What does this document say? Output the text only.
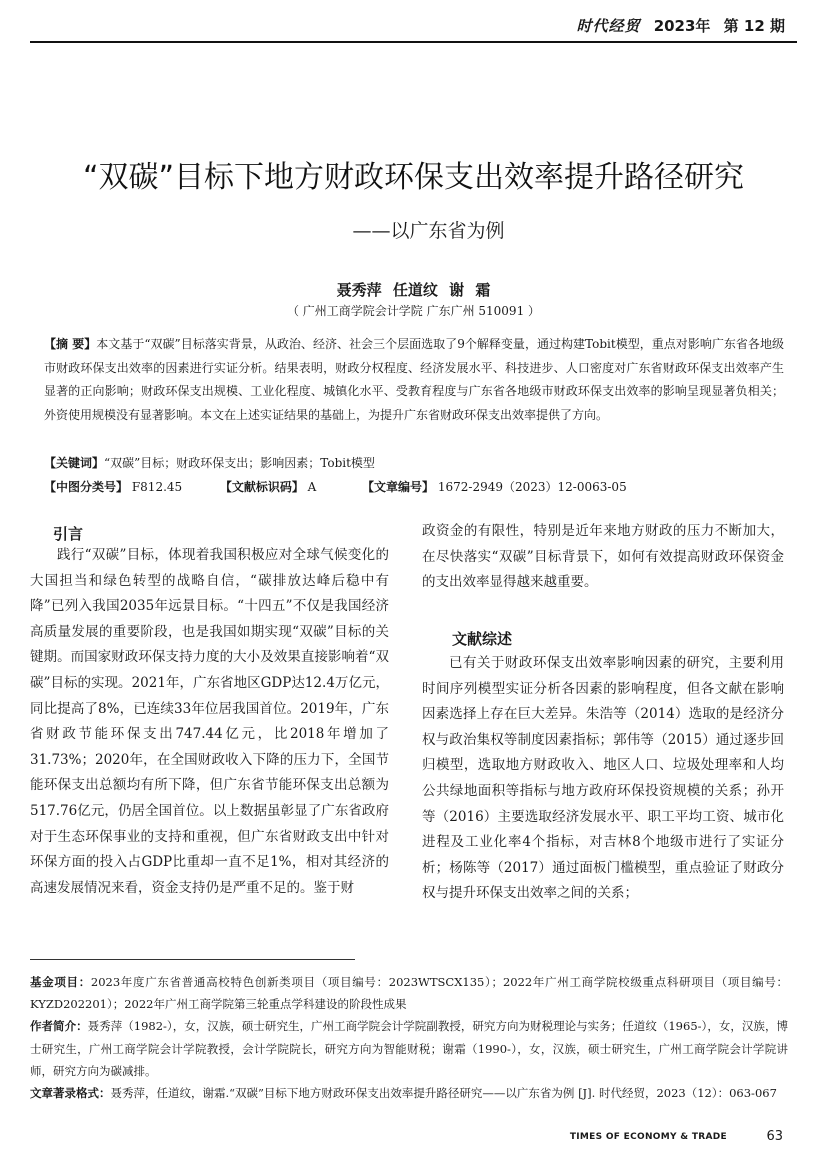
时代经贸 2023年 第 12 期
“双碳”目标下地方财政环保支出效率提升路径研究
——以广东省为例
聂秀萍 任道纹 谢 霜
（ 广州工商学院会计学院 广东广州 510091 ）
【摘 要】本文基于“双碳”目标落实背景，从政治、经济、社会三个层面选取了9个解释变量，通过构建Tobit模型，重点对影响广东省各地级市财政环保支出效率的因素进行实证分析。结果表明，财政分权程度、经济发展水平、科技进步、人口密度对广东省财政环保支出效率产生显著的正向影响；财政环保支出规模、工业化程度、城镇化水平、受教育程度与广东省各地级市财政环保支出效率的影响呈现显著负相关；外资使用规模没有显著影响。本文在上述实证结果的基础上，为提升广东省财政环保支出效率提供了方向。
【关键词】“双碳”目标；财政环保支出；影响因素；Tobit模型
【中图分类号】 F812.45	【文献标识码】 A	【文章编号】 1672-2949（2023）12-0063-05
引言

践行“双碳”目标，体现着我国积极应对全球气候变化的大国担当和绿色转型的战略自信，“碳排放达峰后稳中有降”已列入我国2035年远景目标。“十四五”不仅是我国经济高质量发展的重要阶段，也是我国如期实现“双碳”目标的关键期。而国家财政环保支持力度的大小及效果直接影响着“双碳”目标的实现。2021年，广东省地区GDP达12.4万亿元，同比提高了8%，已连续33年位居我国首位。2019年，广东省财政节能环保支出747.44亿元，比2018年增加了31.73%；2020年，在全国财政收入下降的压力下，全国节能环保支出总额均有所下降，但广东省节能环保支出总额为517.76亿元，仍居全国首位。以上数据虽彰显了广东省政府对于生态环保事业的支持和重视，但广东省财政支出中针对环保方面的投入占GDP比重却一直不足1%，相对其经济的高速发展情况来看，资金支持仍是严重不足的。鉴于财

政资金的有限性，特别是近年来地方财政的压力不断加大，在尽快落实“双碳”目标背景下，如何有效提高财政环保资金的支出效率显得越来越重要。

文献综述

已有关于财政环保支出效率影响因素的研究，主要利用时间序列模型实证分析各因素的影响程度，但各文献在影响因素选择上存在巨大差异。朱浩等（2014）选取的是经济分权与政治集权等制度因素指标；郭伟等（2015）通过逐步回归模型，选取地方财政收入、地区人口、垃圾处理率和人均公共绿地面积等指标与地方政府环保投资规模的关系；孙开等（2016）主要选取经济发展水平、职工平均工资、城市化进程及工业化率4个指标，对吉林8个地级市进行了实证分析；杨陈等（2017）通过面板门槛模型，重点验证了财政分权与提升环保支出效率之间的关系；

基金项目：2023年度广东省普通高校特色创新类项目（项目编号：2023WTSCX135）；2022年广州工商学院校级重点科研项目（项目编号：KYZD202201）；2022年广州工商学院第三轮重点学科建设的阶段性成果

作者简介：聂秀萍（1982-），女，汉族，硕士研究生，广州工商学院会计学院副教授，研究方向为财税理论与实务；任道纹（1965-），女，汉族，博士研究生，广州工商学院会计学院教授，会计学院院长，研究方向为智能财税；谢霜（1990-），女，汉族，硕士研究生，广州工商学院会计学院讲师，研究方向为碳减排。

文章著录格式：聂秀萍，任道纹，谢霜.“双碳”目标下地方财政环保支出效率提升路径研究——以广东省为例 [J]. 时代经贸，2023（12）：063-067

TIMES OF ECONOMY & TRADE	63
